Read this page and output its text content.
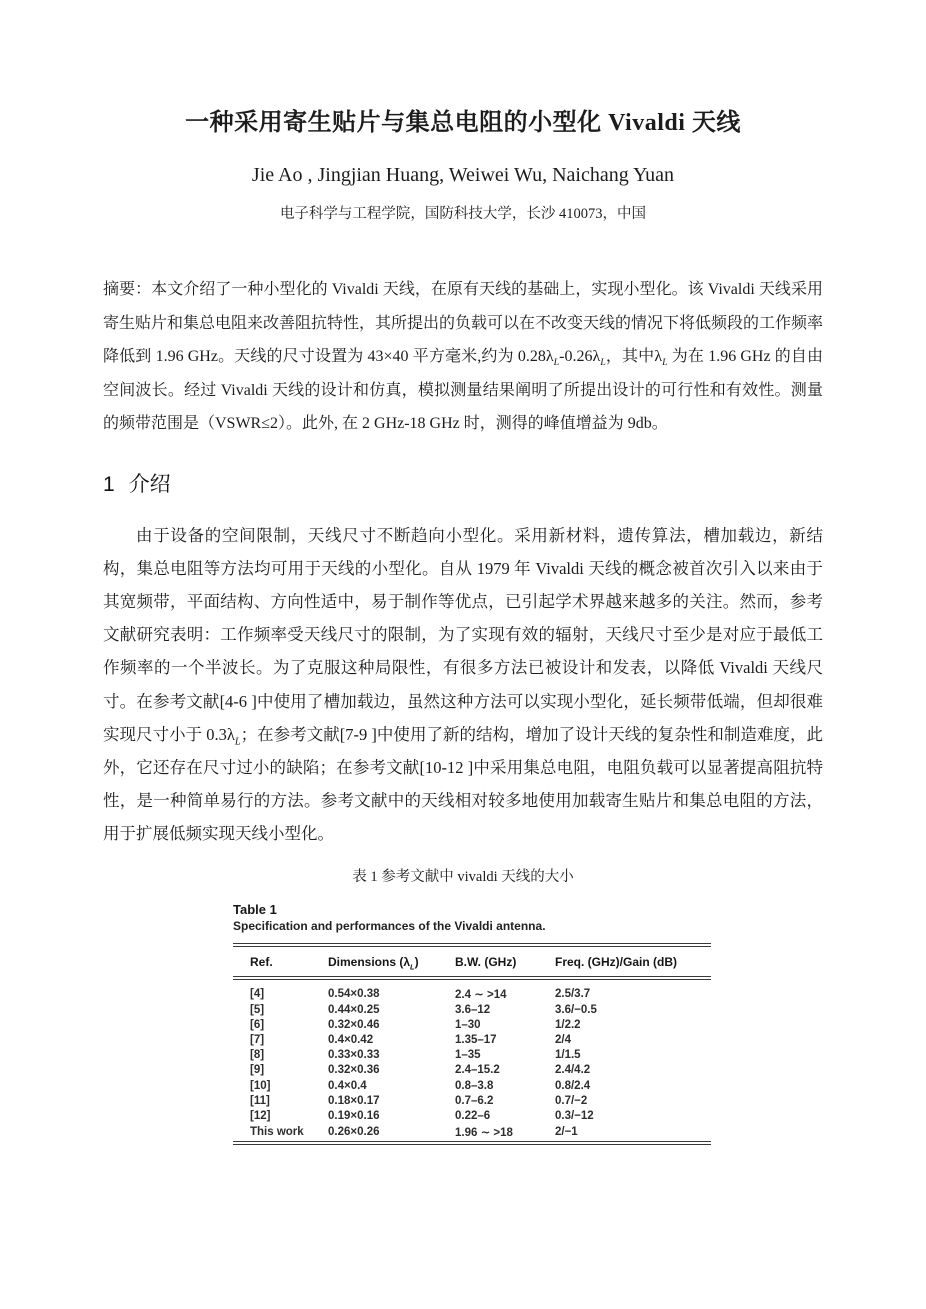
一种采用寄生贴片与集总电阻的小型化 Vivaldi 天线
Jie Ao , Jingjian Huang, Weiwei Wu, Naichang Yuan
电子科学与工程学院，国防科技大学，长沙 410073，中国

摘要：本文介绍了一种小型化的 Vivaldi 天线，在原有天线的基础上，实现小型化。该 Vivaldi 天线采用寄生贴片和集总电阻来改善阻抗特性，其所提出的负载可以在不改变天线的情况下将低频段的工作频率降低到 1.96 GHz。天线的尺寸设置为 43×40 平方毫米,约为 $0.28\lambda_L-0.26\lambda_L$，其中$\lambda_L$ 为在 1.96 GHz 的自由空间波长。经过 Vivaldi 天线的设计和仿真，模拟测量结果阐明了所提出设计的可行性和有效性。测量的频带范围是（VSWR≤2）。此外, 在 2 GHz-18 GHz 时，测得的峰值增益为 9db。

1 介绍

由于设备的空间限制，天线尺寸不断趋向小型化。采用新材料，遗传算法，槽加载边，新结构，集总电阻等方法均可用于天线的小型化。自从 1979 年 Vivaldi 天线的概念被首次引入以来由于其宽频带，平面结构、方向性适中，易于制作等优点，已引起学术界越来越多的关注。然而，参考文献研究表明：工作频率受天线尺寸的限制，为了实现有效的辐射，天线尺寸至少是对应于最低工作频率的一个半波长。为了克服这种局限性，有很多方法已被设计和发表，以降低 Vivaldi 天线尺寸。在参考文献[4-6 ]中使用了槽加载边，虽然这种方法可以实现小型化，延长频带低端，但却很难实现尺寸小于 $0.3\lambda_L$；在参考文献[7-9 ]中使用了新的结构，增加了设计天线的复杂性和制造难度，此外，它还存在尺寸过小的缺陷；在参考文献[10-12 ]中采用集总电阻，电阻负载可以显著提高阻抗特性，是一种简单易行的方法。参考文献中的天线相对较多地使用加载寄生贴片和集总电阻的方法，用于扩展低频实现天线小型化。

表 1 参考文献中 vivaldi 天线的大小
Table 1
Specification and performances of the Vivaldi antenna.
Ref.	Dimensions $(\lambda_L)$	B.W. (GHz)	Freq. (GHz)/Gain (dB)
[4]	0.54×0.38	2.4 ∼ >14	2.5/3.7
[5]	0.44×0.25	3.6–12	3.6/−0.5
[6]	0.32×0.46	1–30	1/2.2
[7]	0.4×0.42	1.35–17	2/4
[8]	0.33×0.33	1–35	1/1.5
[9]	0.32×0.36	2.4–15.2	2.4/4.2
[10]	0.4×0.4	0.8–3.8	0.8/2.4
[11]	0.18×0.17	0.7–6.2	0.7/−2
[12]	0.19×0.16	0.22–6	0.3/−12
This work	0.26×0.26	1.96 ∼ >18	2/−1
